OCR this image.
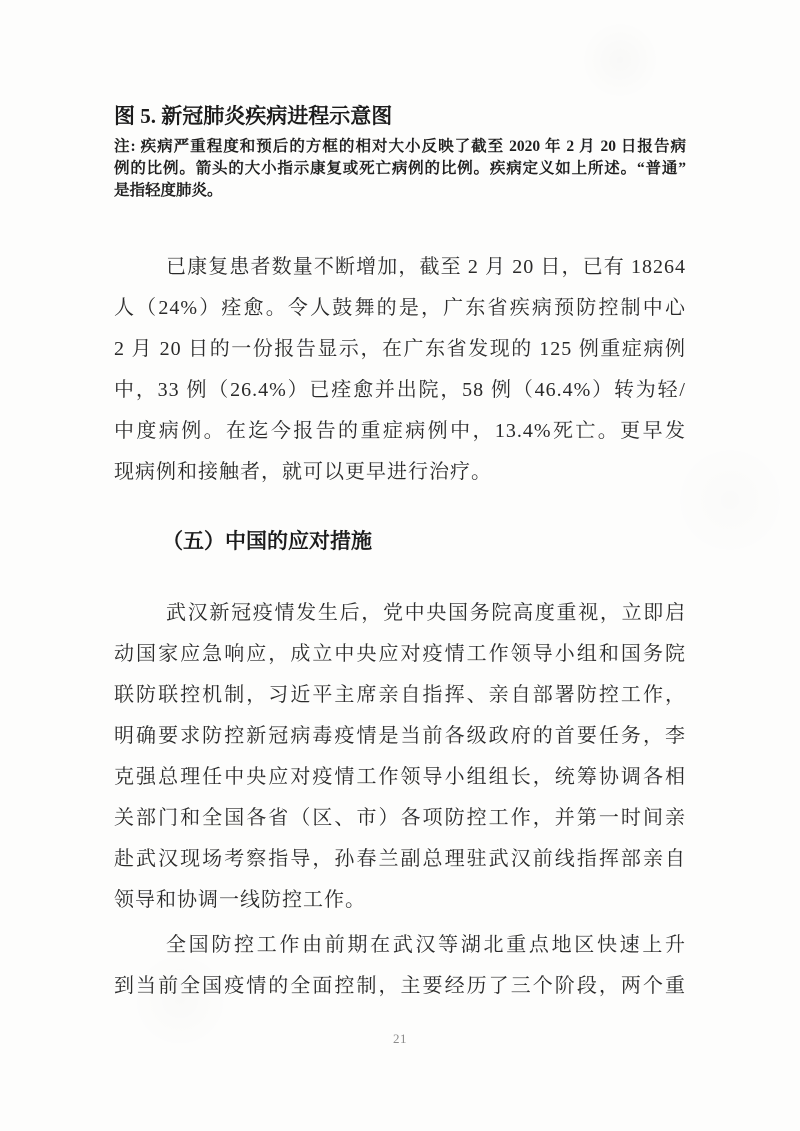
图 5. 新冠肺炎疾病进程示意图
注: 疾病严重程度和预后的方框的相对大小反映了截至 2020 年 2 月 20 日报告病
例的比例。箭头的大小指示康复或死亡病例的比例。疾病定义如上所述。“普通”
是指轻度肺炎。
已康复患者数量不断增加，截至 2 月 20 日，已有 18264
人（24%）痊愈。令人鼓舞的是，广东省疾病预防控制中心
2 月 20 日的一份报告显示，在广东省发现的 125 例重症病例
中，33 例（26.4%）已痊愈并出院，58 例（46.4%）转为轻/
中度病例。在迄今报告的重症病例中，13.4%死亡。更早发
现病例和接触者，就可以更早进行治疗。
（五）中国的应对措施
武汉新冠疫情发生后，党中央国务院高度重视，立即启
动国家应急响应，成立中央应对疫情工作领导小组和国务院
联防联控机制，习近平主席亲自指挥、亲自部署防控工作，
明确要求防控新冠病毒疫情是当前各级政府的首要任务，李
克强总理任中央应对疫情工作领导小组组长，统筹协调各相
关部门和全国各省（区、市）各项防控工作，并第一时间亲
赴武汉现场考察指导，孙春兰副总理驻武汉前线指挥部亲自
领导和协调一线防控工作。
全国防控工作由前期在武汉等湖北重点地区快速上升
到当前全国疫情的全面控制，主要经历了三个阶段，两个重
21
